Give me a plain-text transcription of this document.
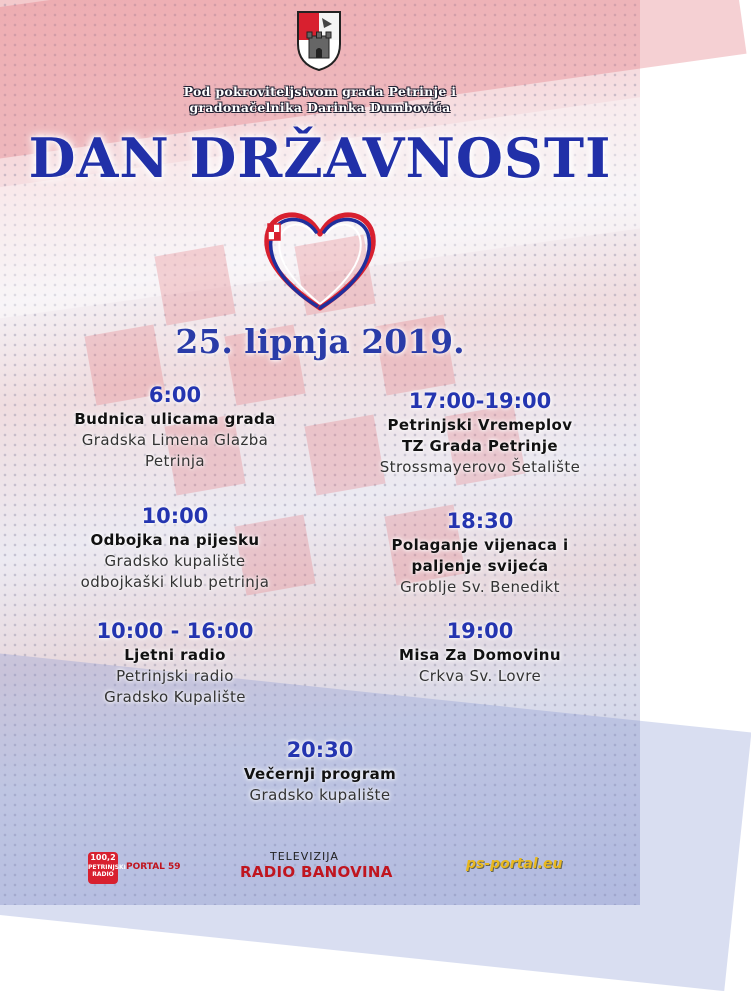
Pod pokroviteljstvom grada Petrinje i
gradonačelnika Darinka Dumbovića
DAN DRŽAVNOSTI
25. lipnja 2019.
6:00
Budnica ulicama grada
Gradska Limena Glazba
Petrinja
17:00-19:00
Petrinjski Vremeplov
TZ Grada Petrinje
Strossmayerovo Šetalište
10:00
Odbojka na pijesku
Gradsko kupalište
odbojkaški klub petrinja
18:30
Polaganje vijenaca i
paljenje svijeća
Groblje Sv. Benedikt
10:00 - 16:00
Ljetni radio
Petrinjski radio
Gradsko Kupalište
19:00
Misa Za Domovinu
Crkva Sv. Lovre
20:30
Večernji program
Gradsko kupalište
100,2
PETRINJSKI RADIO
PORTAL 59
TELEVIZIJA
RADIO BANOVINA	ps-portal.eu
